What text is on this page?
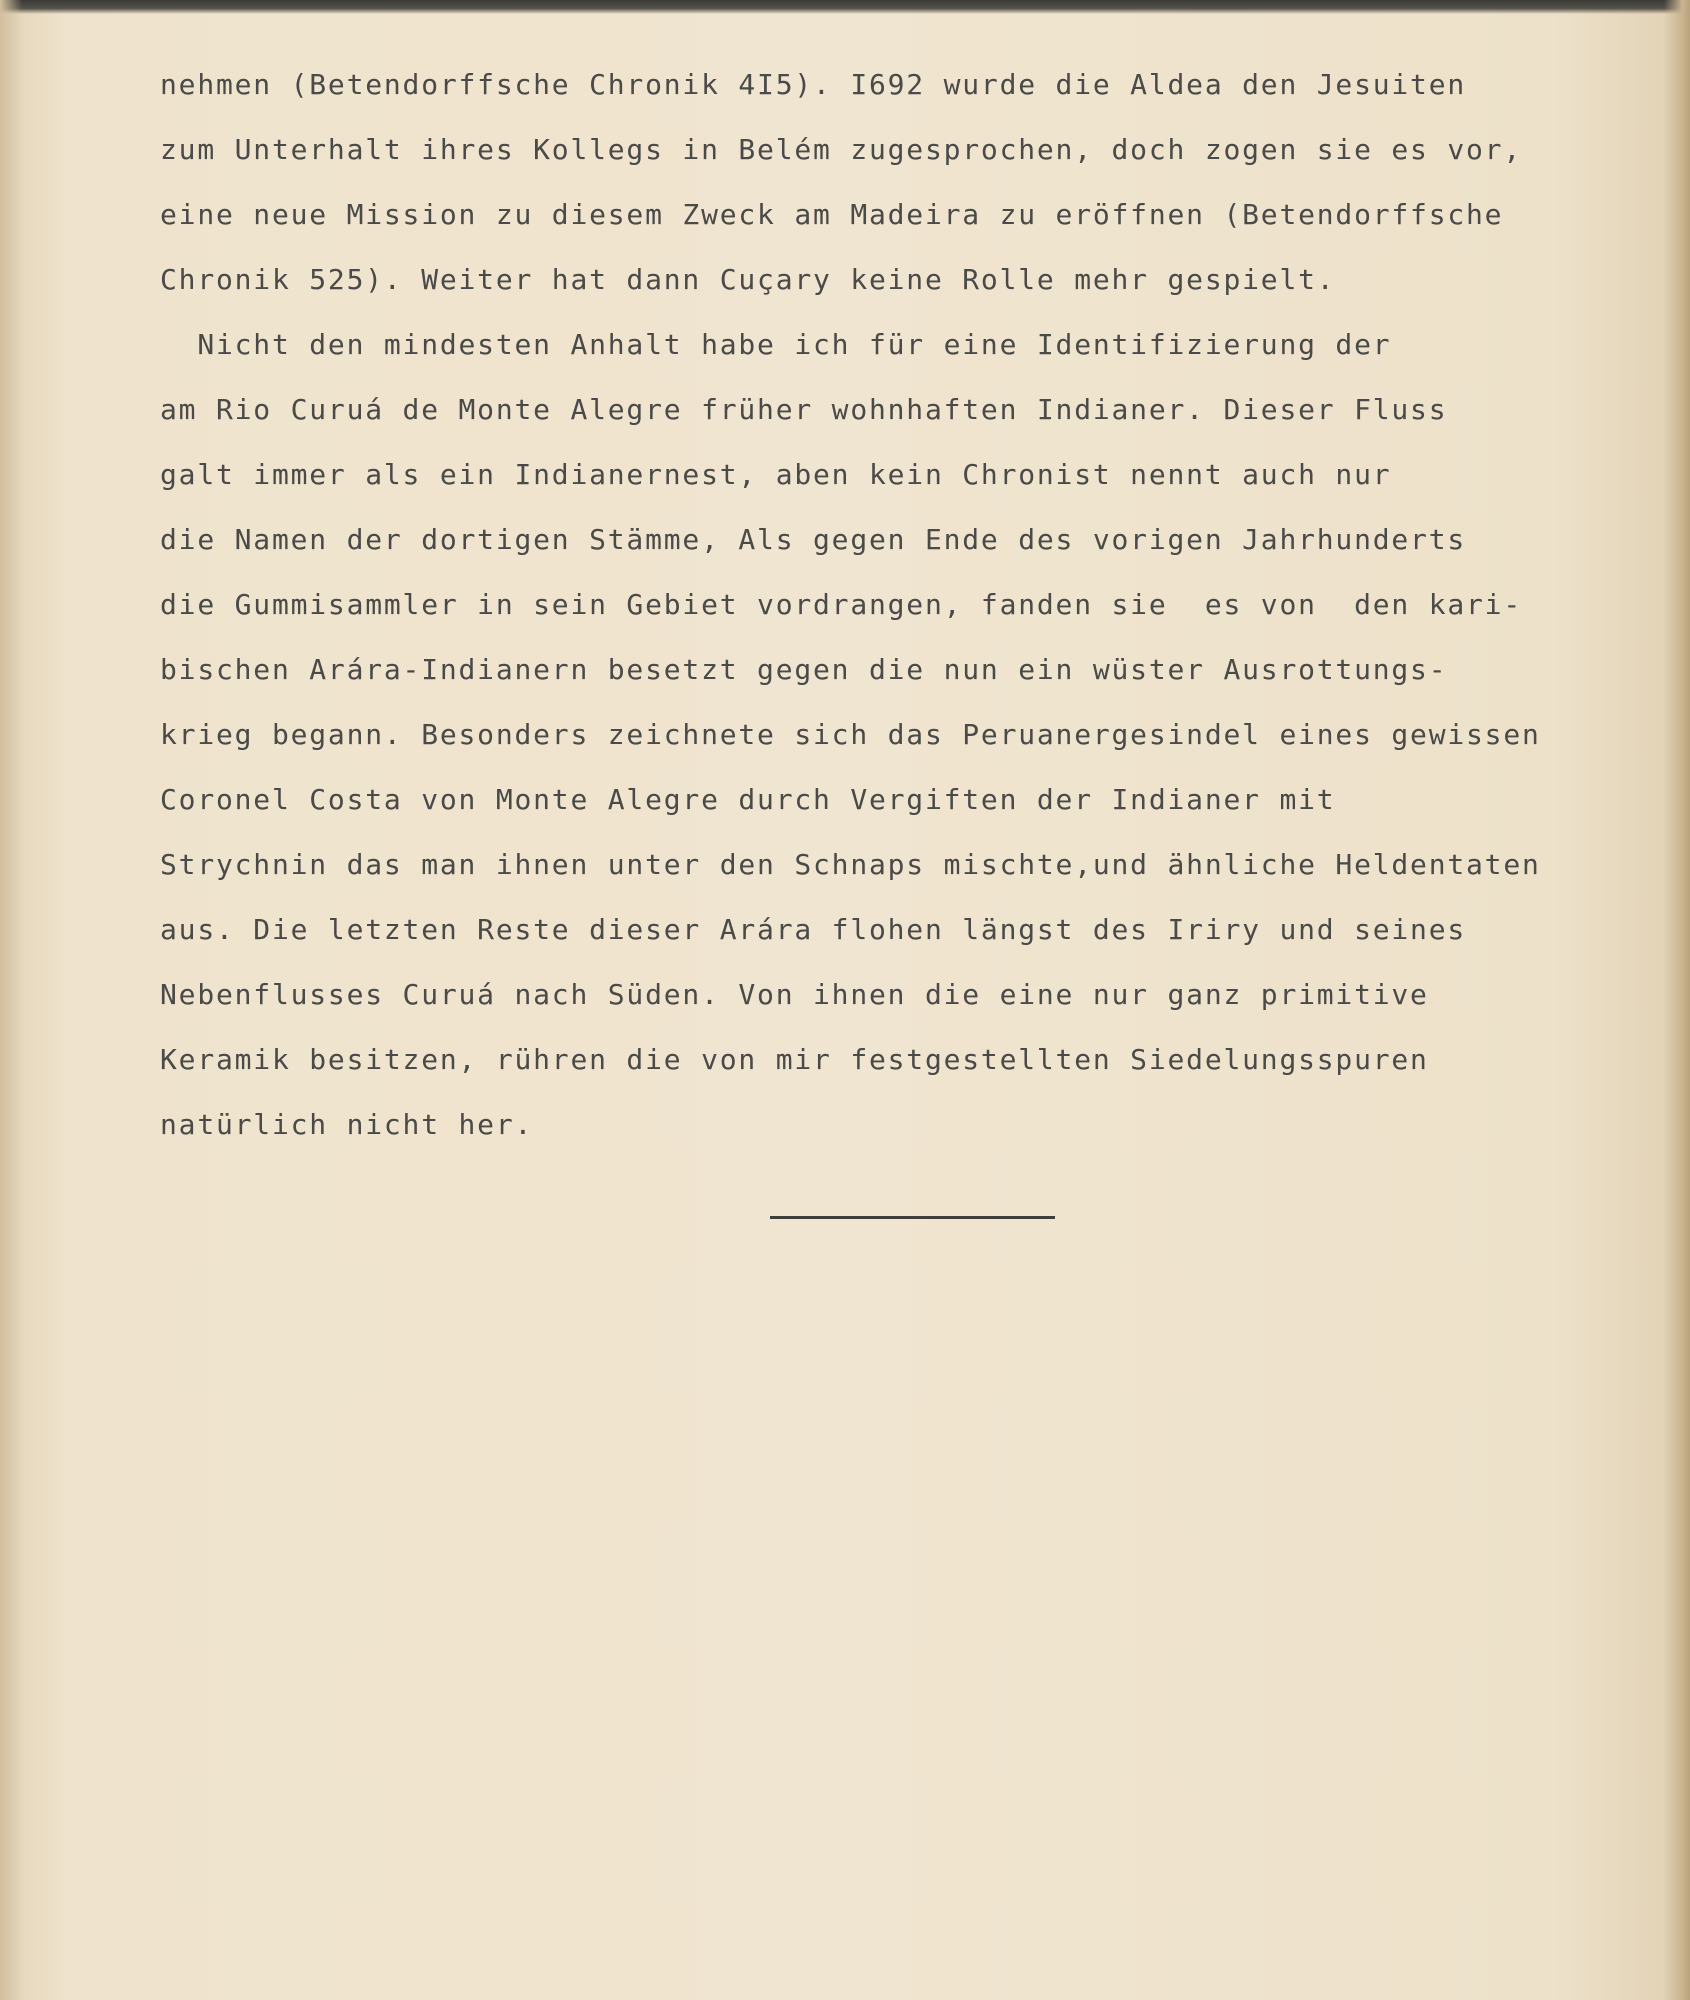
nehmen (Betendorffsche Chronik 4I5). I692 wurde die Aldea den Jesuiten
zum Unterhalt ihres Kollegs in Belém zugesprochen, doch zogen sie es vor,
eine neue Mission zu diesem Zweck am Madeira zu eröffnen (Betendorffsche
Chronik 525). Weiter hat dann Cuçary keine Rolle mehr gespielt.
Nicht den mindesten Anhalt habe ich für eine Identifizierung der
am Rio Curuá de Monte Alegre früher wohnhaften Indianer. Dieser Fluss
galt immer als ein Indianernest, aben kein Chronist nennt auch nur
die Namen der dortigen Stämme, Als gegen Ende des vorigen Jahrhunderts
die Gummisammler in sein Gebiet vordrangen, fanden sie  es von  den kari-
bischen Arára-Indianern besetzt gegen die nun ein wüster Ausrottungs-
krieg begann. Besonders zeichnete sich das Peruanergesindel eines gewissen
Coronel Costa von Monte Alegre durch Vergiften der Indianer mit
Strychnin das man ihnen unter den Schnaps mischte,und ähnliche Heldentaten
aus. Die letzten Reste dieser Arára flohen längst des Iriry und seines
Nebenflusses Curuá nach Süden. Von ihnen die eine nur ganz primitive
Keramik besitzen, rühren die von mir festgestellten Siedelungsspuren
natürlich nicht her.
